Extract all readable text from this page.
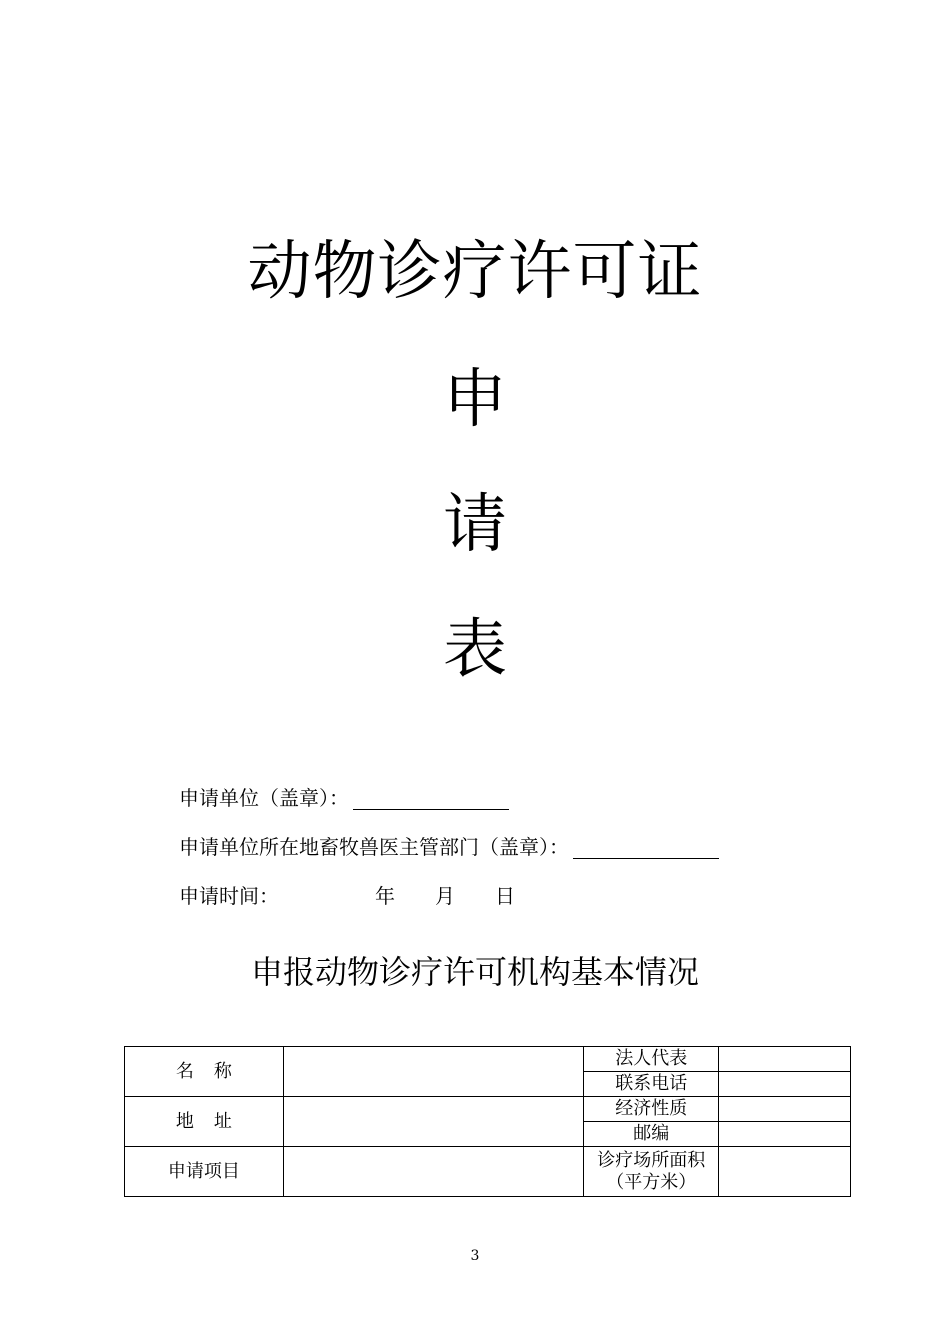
动物诊疗许可证
申
请
表
申请单位（盖章）：
申请单位所在地畜牧兽医主管部门（盖章）：
申请时间：	年 月 日
申报动物诊疗许可机构基本情况
名称		法人代表	
		联系电话	
地址		经济性质	
		邮编	
申请项目		诊疗场所面积
（平方米）	

3
